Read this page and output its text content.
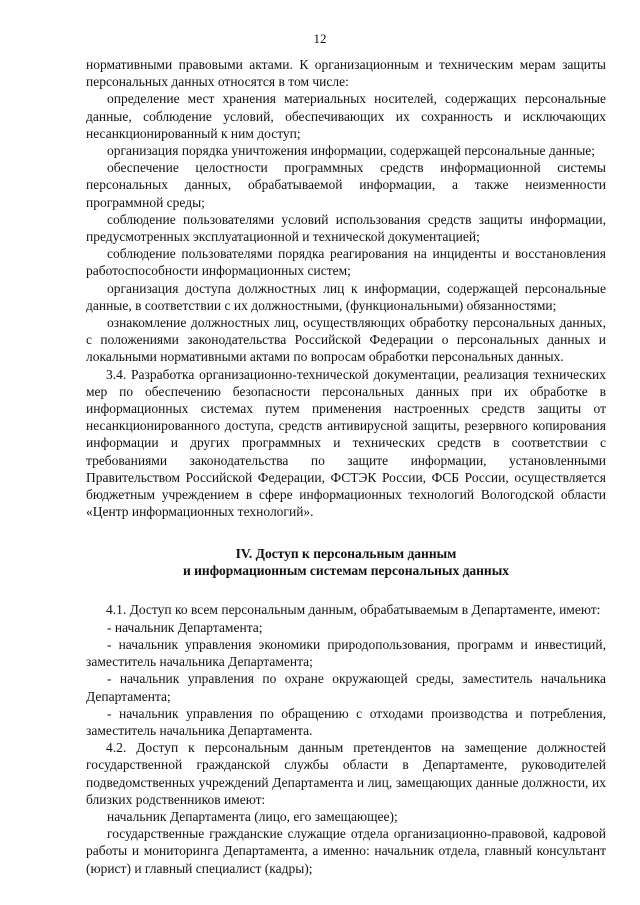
12

нормативными правовыми актами. К организационным и техническим мерам защиты персональных данных относятся в том числе:

определение мест хранения материальных носителей, содержащих персональные данные, соблюдение условий, обеспечивающих их сохранность и исключающих несанкционированный к ним доступ;

организация порядка уничтожения информации, содержащей персональные данные;

обеспечение целостности программных средств информационной системы персональных данных, обрабатываемой информации, а также неизменности программной среды;

соблюдение пользователями условий использования средств защиты информации, предусмотренных эксплуатационной и технической документацией;

соблюдение пользователями порядка реагирования на инциденты и восстановления работоспособности информационных систем;

организация доступа должностных лиц к информации, содержащей персональные данные, в соответствии с их должностными, (функциональными) обязанностями;

ознакомление должностных лиц, осуществляющих обработку персональных данных, с положениями законодательства Российской Федерации о персональных данных и локальными нормативными актами по вопросам обработки персональных данных.

3.4. Разработка организационно-технической документации, реализация технических мер по обеспечению безопасности персональных данных при их обработке в информационных системах путем применения настроенных средств защиты от несанкционированного доступа, средств антивирусной защиты, резервного копирования информации и других программных и технических средств в соответствии с требованиями законодательства по защите информации, установленными Правительством Российской Федерации, ФСТЭК России, ФСБ России, осуществляется бюджетным учреждением в сфере информационных технологий Вологодской области «Центр информационных технологий».

IV. Доступ к персональным данным
и информационным системам персональных данных

4.1. Доступ ко всем персональным данным, обрабатываемым в Департаменте, имеют:

- начальник Департамента;

- начальник управления экономики природопользования, программ и инвестиций, заместитель начальника Департамента;

- начальник управления по охране окружающей среды, заместитель начальника Департамента;

- начальник управления по обращению с отходами производства и потребления, заместитель начальника Департамента.

4.2. Доступ к персональным данным претендентов на замещение должностей государственной гражданской службы области в Департаменте, руководителей подведомственных учреждений Департамента и лиц, замещающих данные должности, их близких родственников имеют:

начальник Департамента (лицо, его замещающее);

государственные гражданские служащие отдела организационно-правовой, кадровой работы и мониторинга Департамента, а именно: начальник отдела, главный консультант (юрист) и главный специалист (кадры);
